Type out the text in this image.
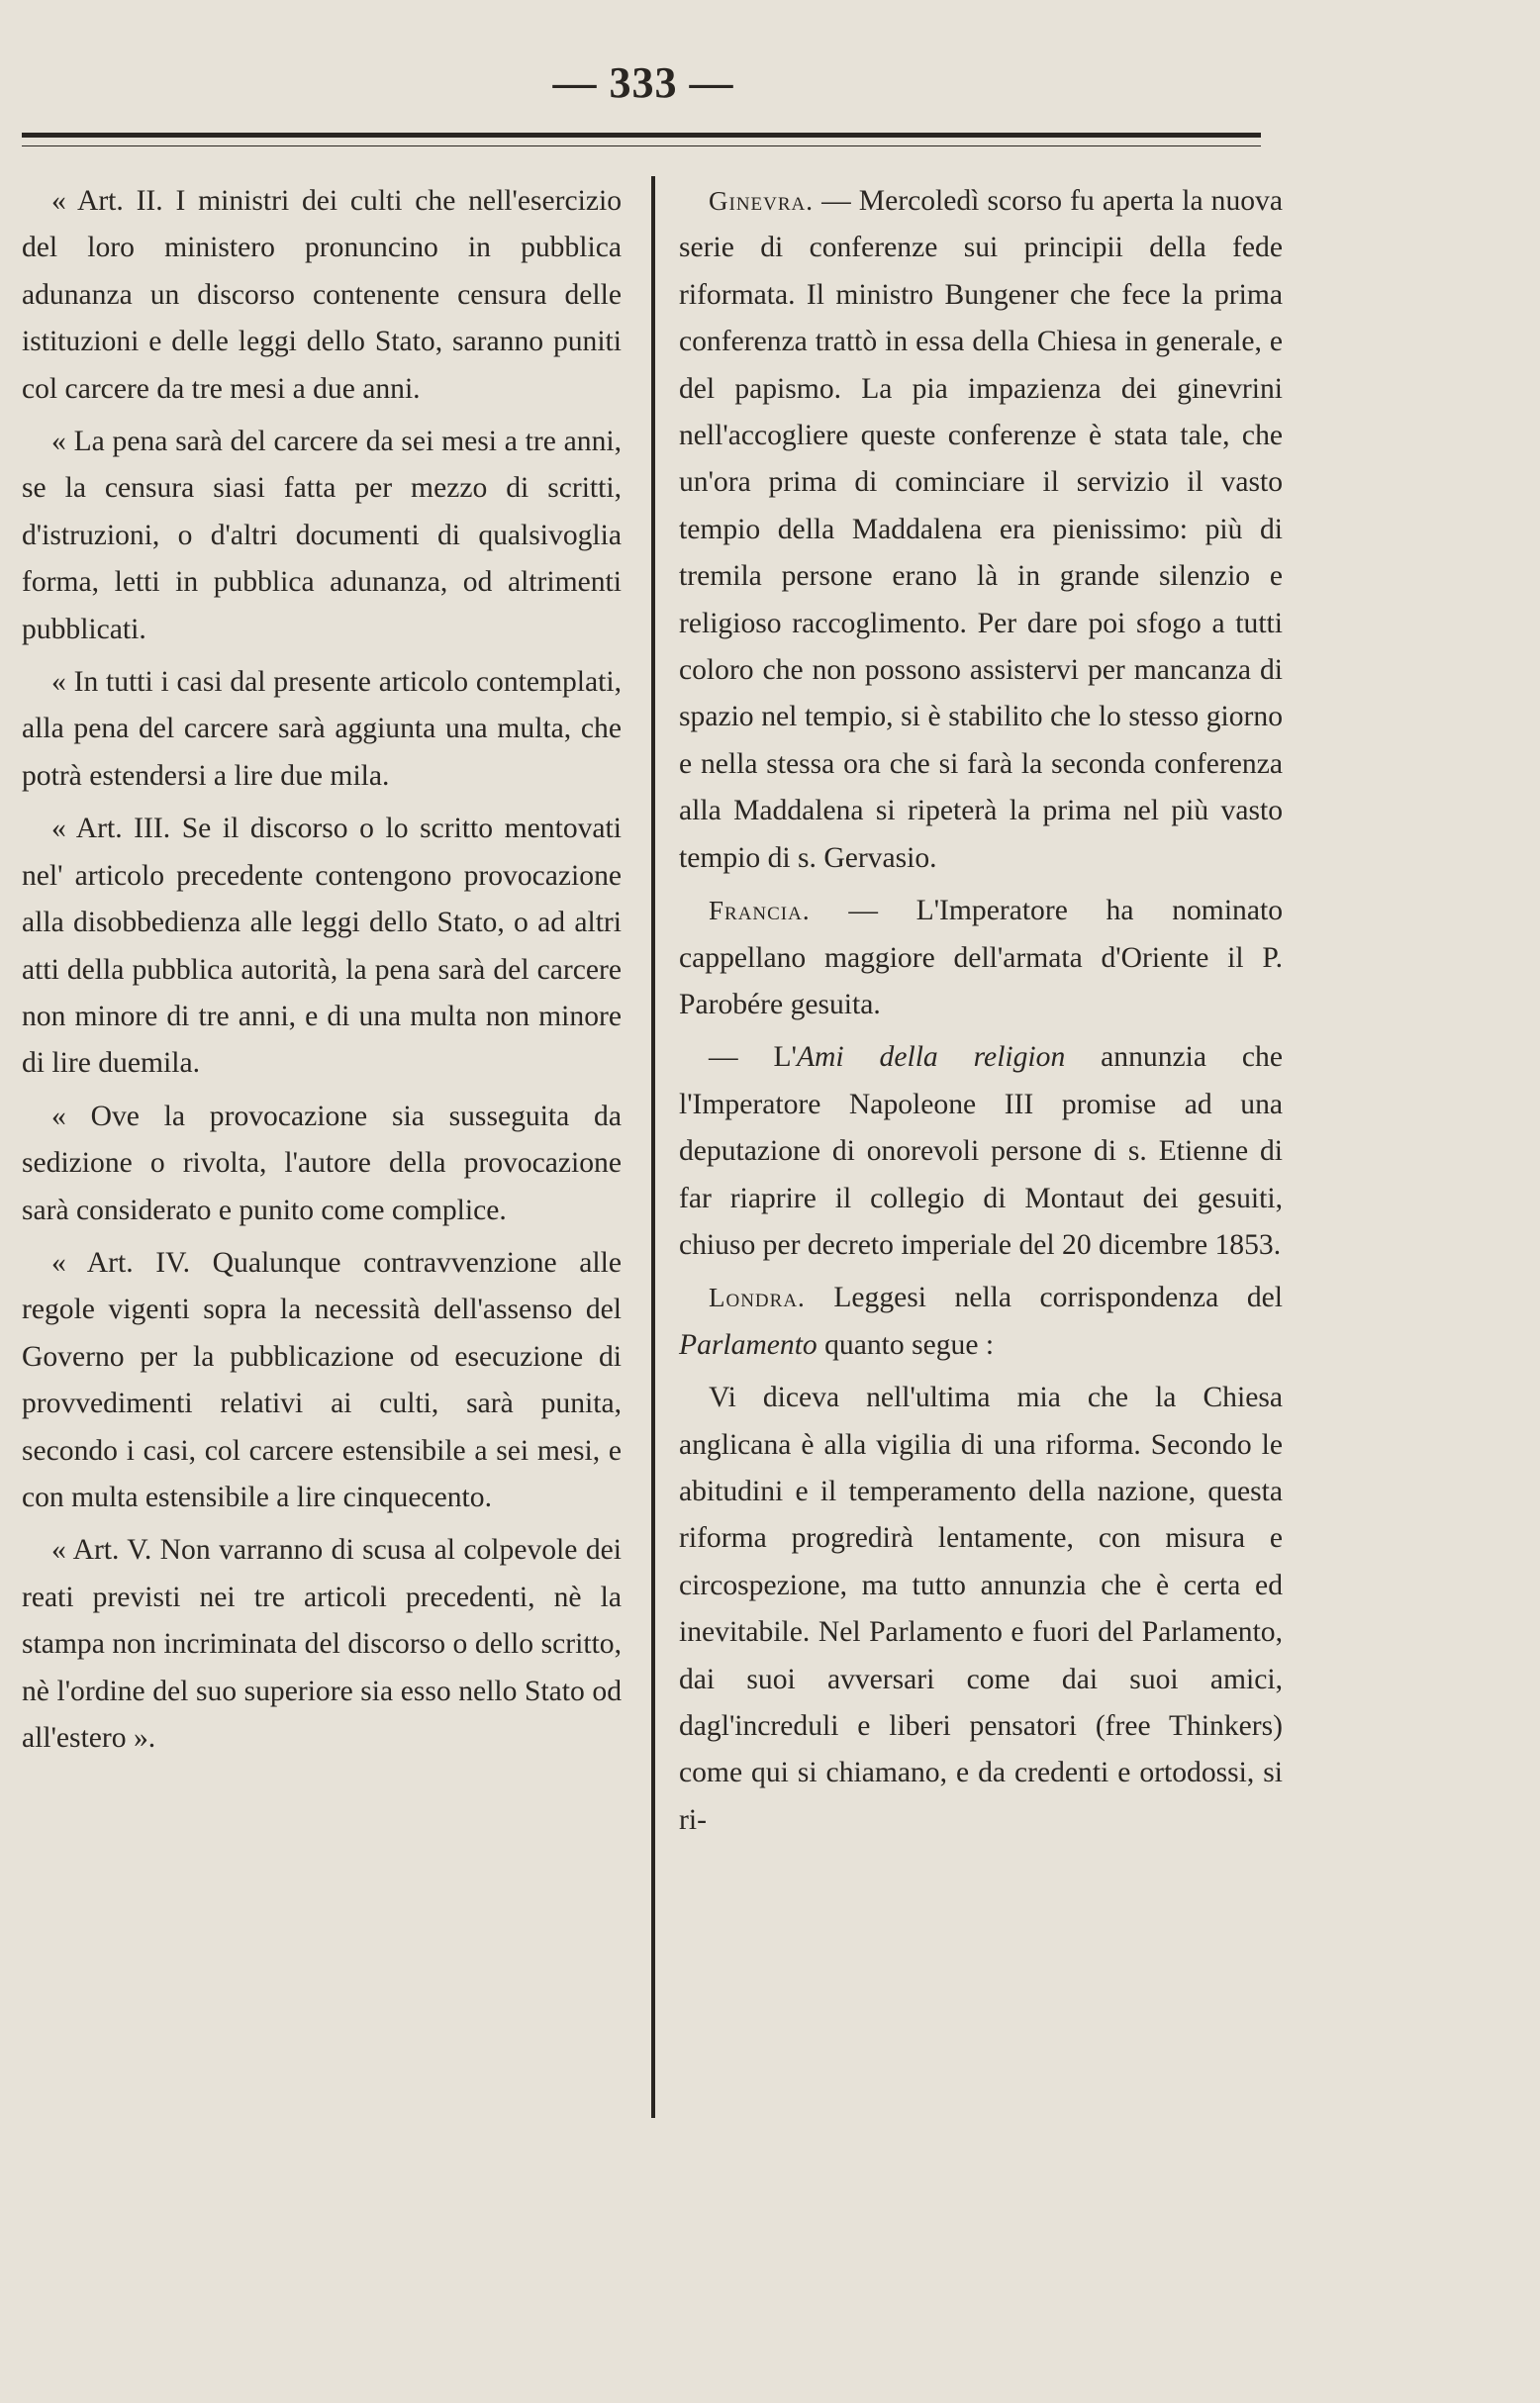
— 333 —

« Art. II. I ministri dei culti che nell'esercizio del loro ministero pronuncino in pubblica adunanza un discorso contenente censura delle istituzioni e delle leggi dello Stato, saranno puniti col carcere da tre mesi a due anni.

« La pena sarà del carcere da sei mesi a tre anni, se la censura siasi fatta per mezzo di scritti, d'istruzioni, o d'altri documenti di qualsivoglia forma, letti in pubblica adunanza, od altrimenti pubblicati.

« In tutti i casi dal presente articolo contemplati, alla pena del carcere sarà aggiunta una multa, che potrà estendersi a lire due mila.

« Art. III. Se il discorso o lo scritto mentovati nel' articolo precedente contengono provocazione alla disobbedienza alle leggi dello Stato, o ad altri atti della pubblica autorità, la pena sarà del carcere non minore di tre anni, e di una multa non minore di lire duemila.

« Ove la provocazione sia susseguita da sedizione o rivolta, l'autore della provocazione sarà considerato e punito come complice.

« Art. IV. Qualunque contravvenzione alle regole vigenti sopra la necessità dell'assenso del Governo per la pubblicazione od esecuzione di provvedimenti relativi ai culti, sarà punita, secondo i casi, col carcere estensibile a sei mesi, e con multa estensibile a lire cinquecento.

« Art. V. Non varranno di scusa al colpevole dei reati previsti nei tre articoli precedenti, nè la stampa non incriminata del discorso o dello scritto, nè l'ordine del suo superiore sia esso nello Stato od all'estero ».

Ginevra. — Mercoledì scorso fu aperta la nuova serie di conferenze sui principii della fede riformata. Il ministro Bungener che fece la prima conferenza trattò in essa della Chiesa in generale, e del papismo. La pia impazienza dei ginevrini nell'accogliere queste conferenze è stata tale, che un'ora prima di cominciare il servizio il vasto tempio della Maddalena era pienissimo: più di tremila persone erano là in grande silenzio e religioso raccoglimento. Per dare poi sfogo a tutti coloro che non possono assistervi per mancanza di spazio nel tempio, si è stabilito che lo stesso giorno e nella stessa ora che si farà la seconda conferenza alla Maddalena si ripeterà la prima nel più vasto tempio di s. Gervasio.

Francia. — L'Imperatore ha nominato cappellano maggiore dell'armata d'Oriente il P. Parobére gesuita.

— L'Ami della religion annunzia che l'Imperatore Napoleone III promise ad una deputazione di onorevoli persone di s. Etienne di far riaprire il collegio di Montaut dei gesuiti, chiuso per decreto imperiale del 20 dicembre 1853.

Londra. Leggesi nella corrispondenza del Parlamento quanto segue :

Vi diceva nell'ultima mia che la Chiesa anglicana è alla vigilia di una riforma. Secondo le abitudini e il temperamento della nazione, questa riforma progredirà lentamente, con misura e circospezione, ma tutto annunzia che è certa ed inevitabile. Nel Parlamento e fuori del Parlamento, dai suoi avversari come dai suoi amici, dagl'increduli e liberi pensatori (free Thinkers) come qui si chiamano, e da credenti e ortodossi, si ri-
